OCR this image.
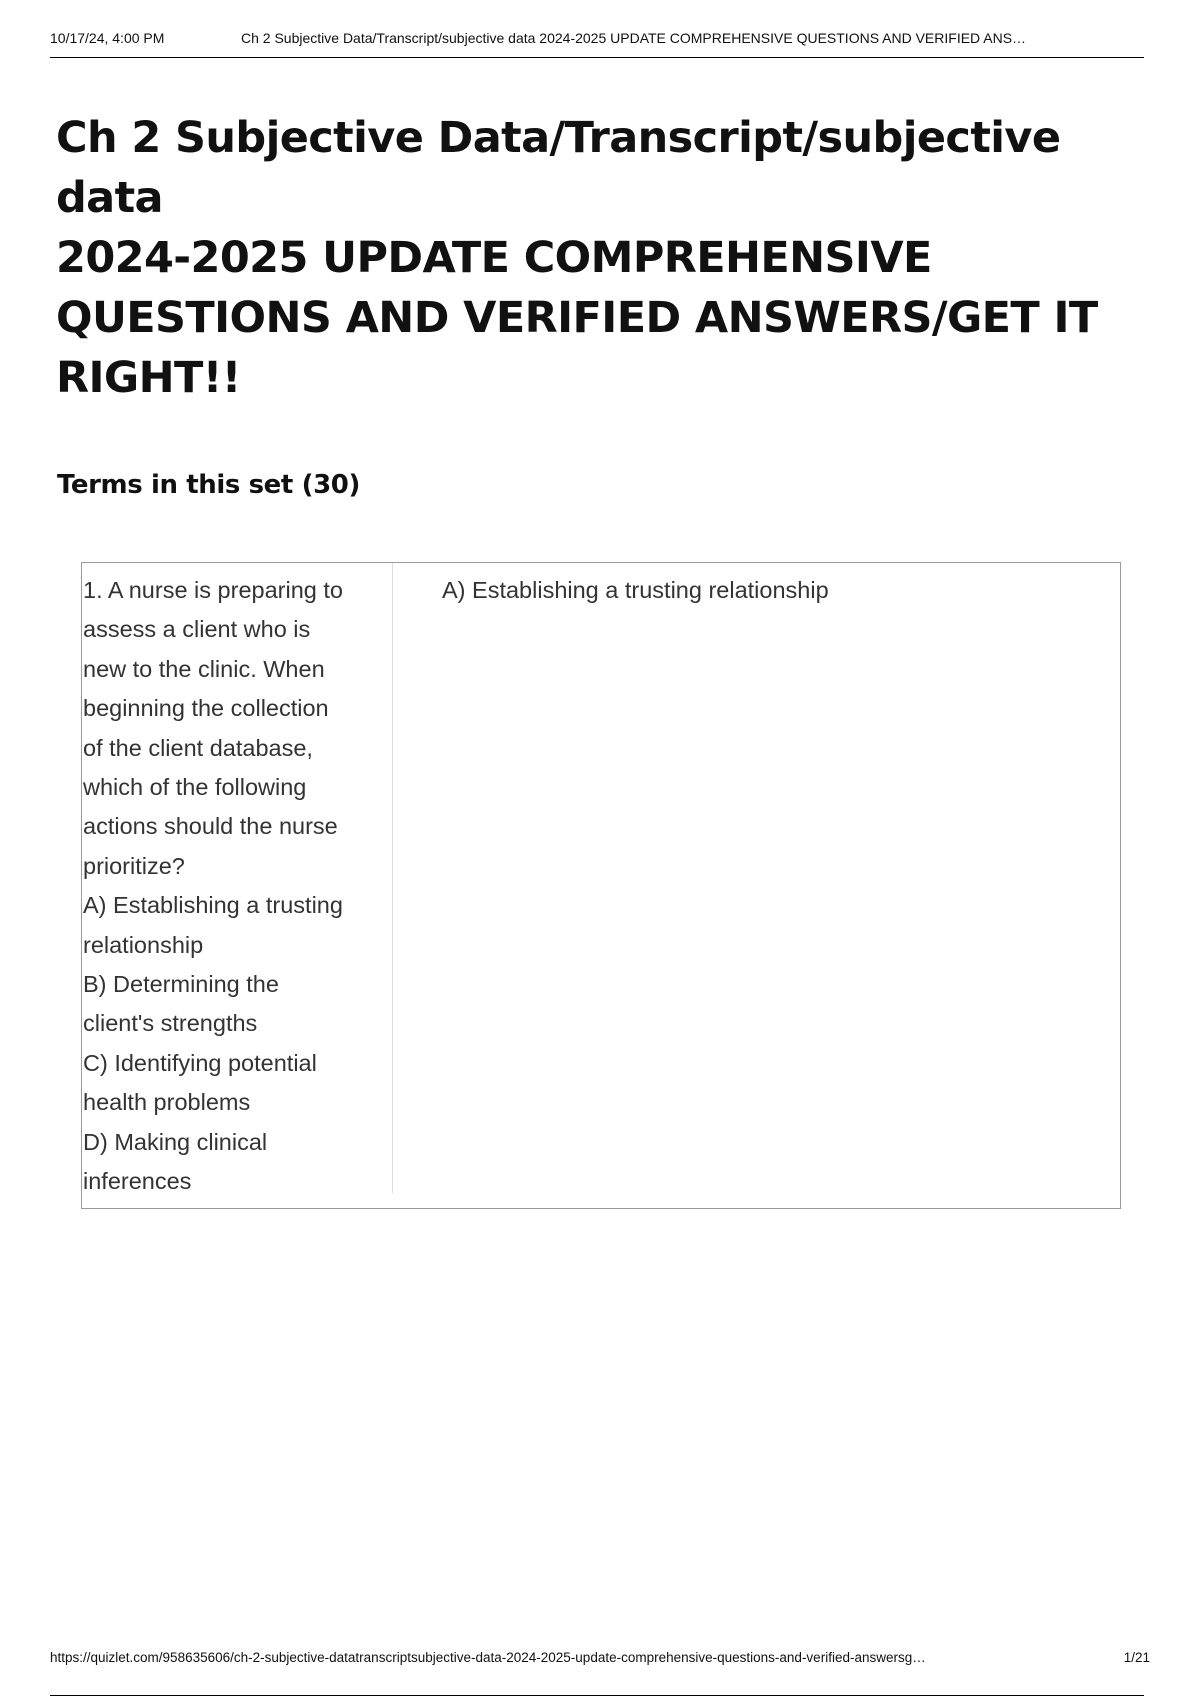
10/17/24, 4:00 PM	Ch 2 Subjective Data/Transcript/subjective data 2024-2025 UPDATE COMPREHENSIVE QUESTIONS AND VERIFIED ANS…
Ch 2 Subjective Data/Transcript/subjective data
2024-2025 UPDATE COMPREHENSIVE
QUESTIONS AND VERIFIED ANSWERS/GET IT
RIGHT!!
Terms in this set (30)
1. A nurse is preparing to
assess a client who is
new to the clinic. When
beginning the collection
of the client database,
which of the following
actions should the nurse
prioritize?
A) Establishing a trusting
relationship
B) Determining the
client's strengths
C) Identifying potential
health problems
D) Making clinical
inferences
A) Establishing a trusting relationship
https://quizlet.com/958635606/ch-2-subjective-datatranscriptsubjective-data-2024-2025-update-comprehensive-questions-and-verified-answersg…	1/21
